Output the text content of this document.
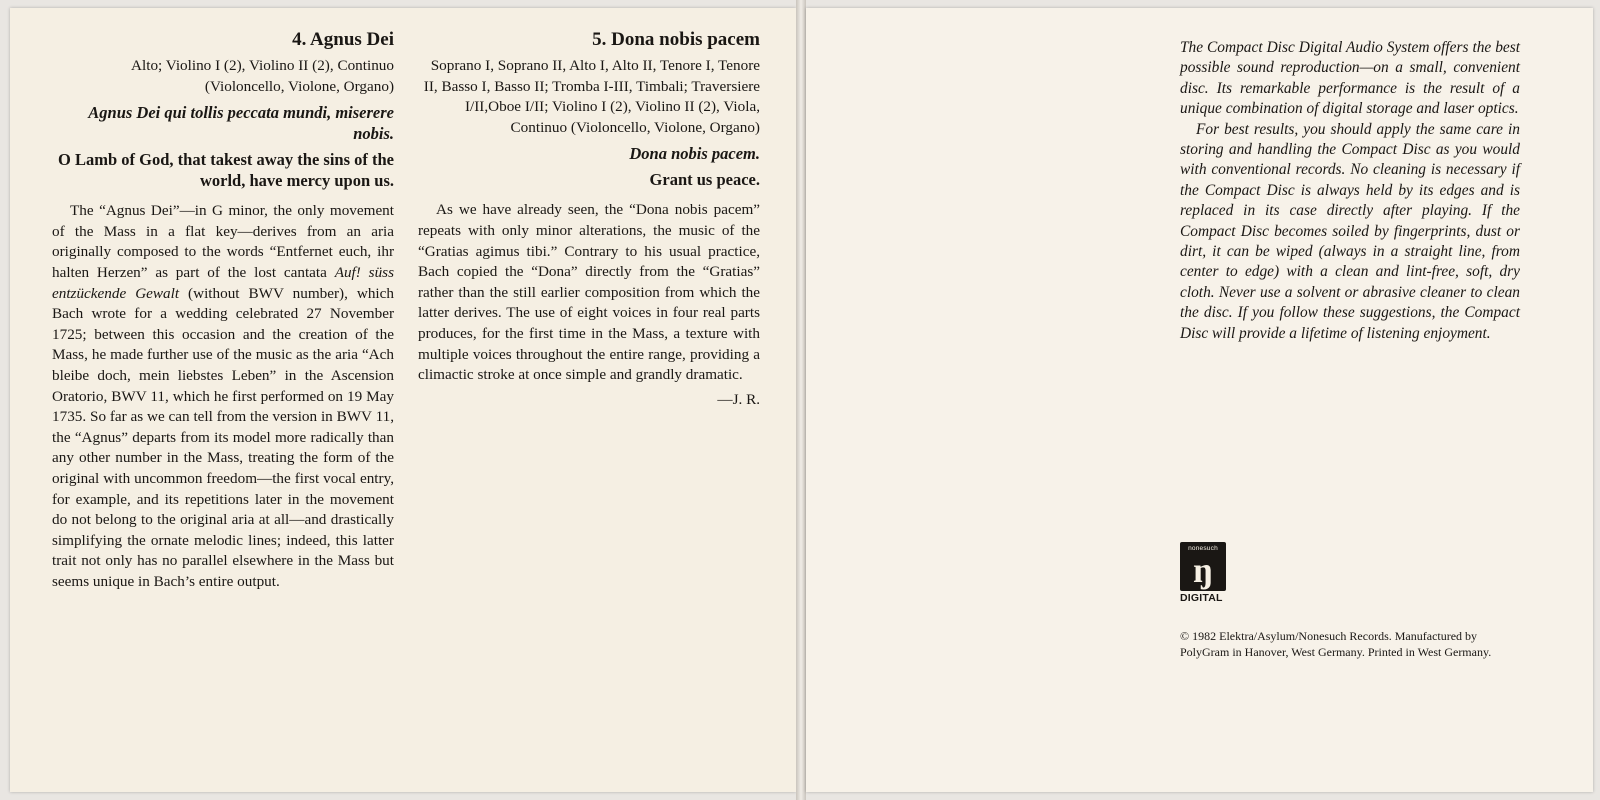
4. Agnus Dei
Alto; Violino I (2), Violino II (2), Continuo (Violoncello, Violone, Organo)
Agnus Dei qui tollis peccata mundi, miserere nobis.
O Lamb of God, that takest away the sins of the world, have mercy upon us.

The “Agnus Dei”—in G minor, the only movement of the Mass in a flat key—derives from an aria originally composed to the words “Entfernet euch, ihr halten Herzen” as part of the lost cantata Auf! süss entzückende Gewalt (without BWV number), which Bach wrote for a wedding celebrated 27 November 1725; between this occasion and the creation of the Mass, he made further use of the music as the aria “Ach bleibe doch, mein liebstes Leben” in the Ascension Oratorio, BWV 11, which he first performed on 19 May 1735. So far as we can tell from the version in BWV 11, the “Agnus” departs from its model more radically than any other number in the Mass, treating the form of the original with uncommon freedom—the first vocal entry, for example, and its repetitions later in the movement do not belong to the original aria at all—and drastically simplifying the ornate melodic lines; indeed, this latter trait not only has no parallel elsewhere in the Mass but seems unique in Bach’s entire output.

5. Dona nobis pacem
Soprano I, Soprano II, Alto I, Alto II, Tenore I, Tenore II, Basso I, Basso II; Tromba I-III, Timbali; Traversiere I/II,Oboe I/II; Violino I (2), Violino II (2), Viola, Continuo (Violoncello, Violone, Organo)
Dona nobis pacem.
Grant us peace.

As we have already seen, the “Dona nobis pacem” repeats with only minor alterations, the music of the “Gratias agimus tibi.” Contrary to his usual practice, Bach copied the “Dona” directly from the “Gratias” rather than the still earlier composition from which the latter derives. The use of eight voices in four real parts produces, for the first time in the Mass, a texture with multiple voices throughout the entire range, providing a climactic stroke at once simple and grandly dramatic.

—J. R.

The Compact Disc Digital Audio System offers the best possible sound reproduction—on a small, convenient disc. Its remarkable performance is the result of a unique combination of digital storage and laser optics.

For best results, you should apply the same care in storing and handling the Compact Disc as you would with conventional records. No cleaning is necessary if the Compact Disc is always held by its edges and is replaced in its case directly after playing. If the Compact Disc becomes soiled by fingerprints, dust or dirt, it can be wiped (always in a straight line, from center to edge) with a clean and lint-free, soft, dry cloth. Never use a solvent or abrasive cleaner to clean the disc. If you follow these suggestions, the Compact Disc will provide a lifetime of listening enjoyment.

nonesuch
ŋ
DIGITAL

© 1982 Elektra/Asylum/Nonesuch Records. Manufactured by PolyGram in Hanover, West Germany. Printed in West Germany.
